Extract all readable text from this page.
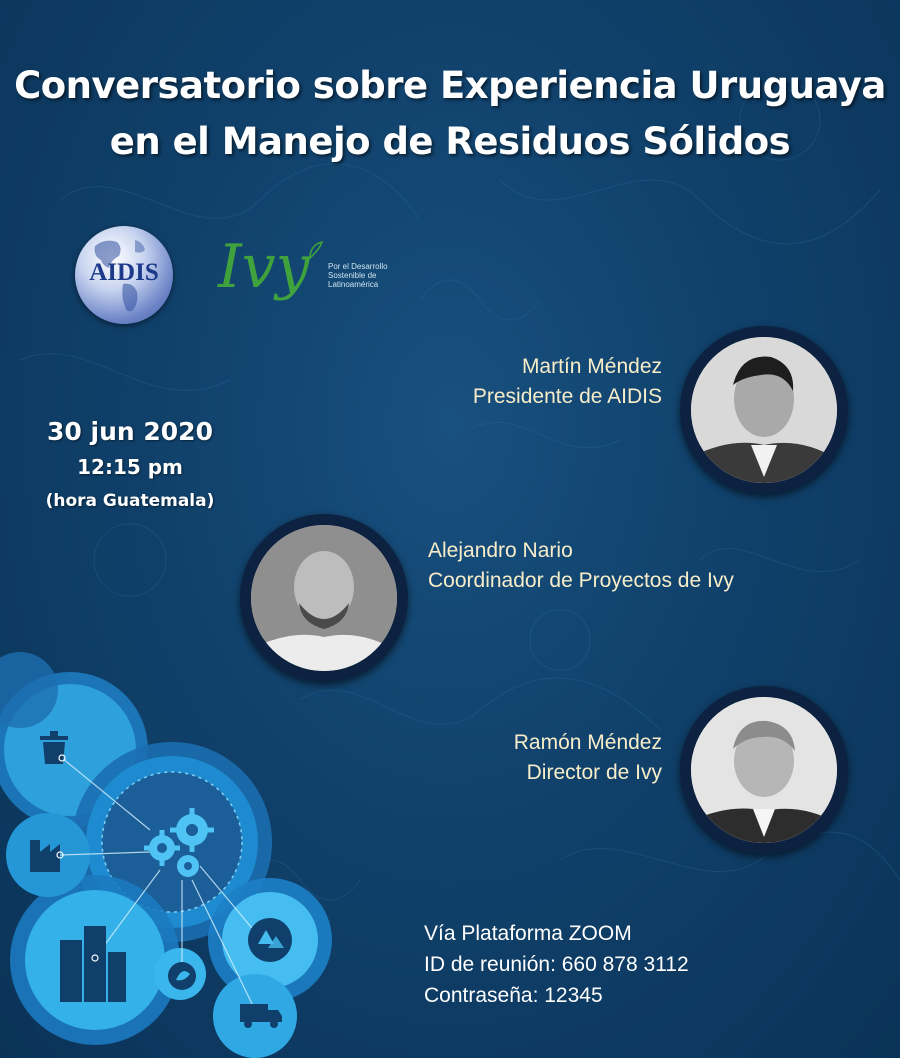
Conversatorio sobre Experiencia Uruguaya
en el Manejo de Residuos Sólidos
AIDIS Ivy Por el Desarrollo
Sostenible de
Latinoamérica
30 jun 2020
12:15 pm
(hora Guatemala)
Martín Méndez
Presidente de AIDIS
Alejandro Nario
Coordinador de Proyectos de Ivy
Ramón Méndez
Director de Ivy
Vía Plataforma ZOOM
ID de reunión: 660 878 3112
Contraseña: 12345
